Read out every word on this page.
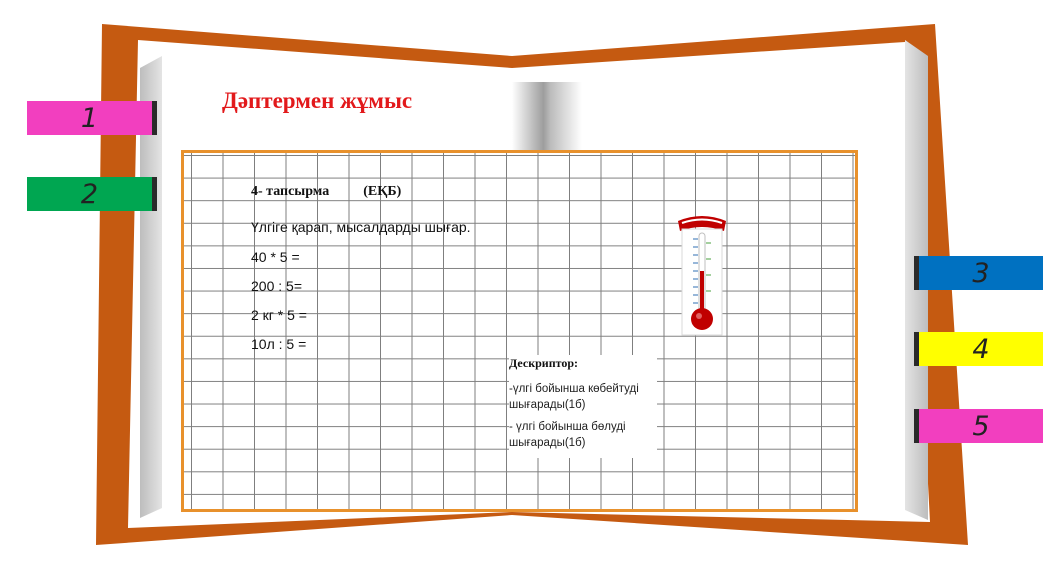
Дәптермен жұмыс
1
2
3
4
5
4- тапсырма (ЕҚБ)
Үлгіге қарап, мысалдарды шығар.
40 * 5 =
200 : 5=
2 кг * 5 =
10л : 5 =
Дескриптор:
-үлгі бойынша көбейтуді шығарады(1б)
- үлгі бойынша бөлуді шығарады(1б)
